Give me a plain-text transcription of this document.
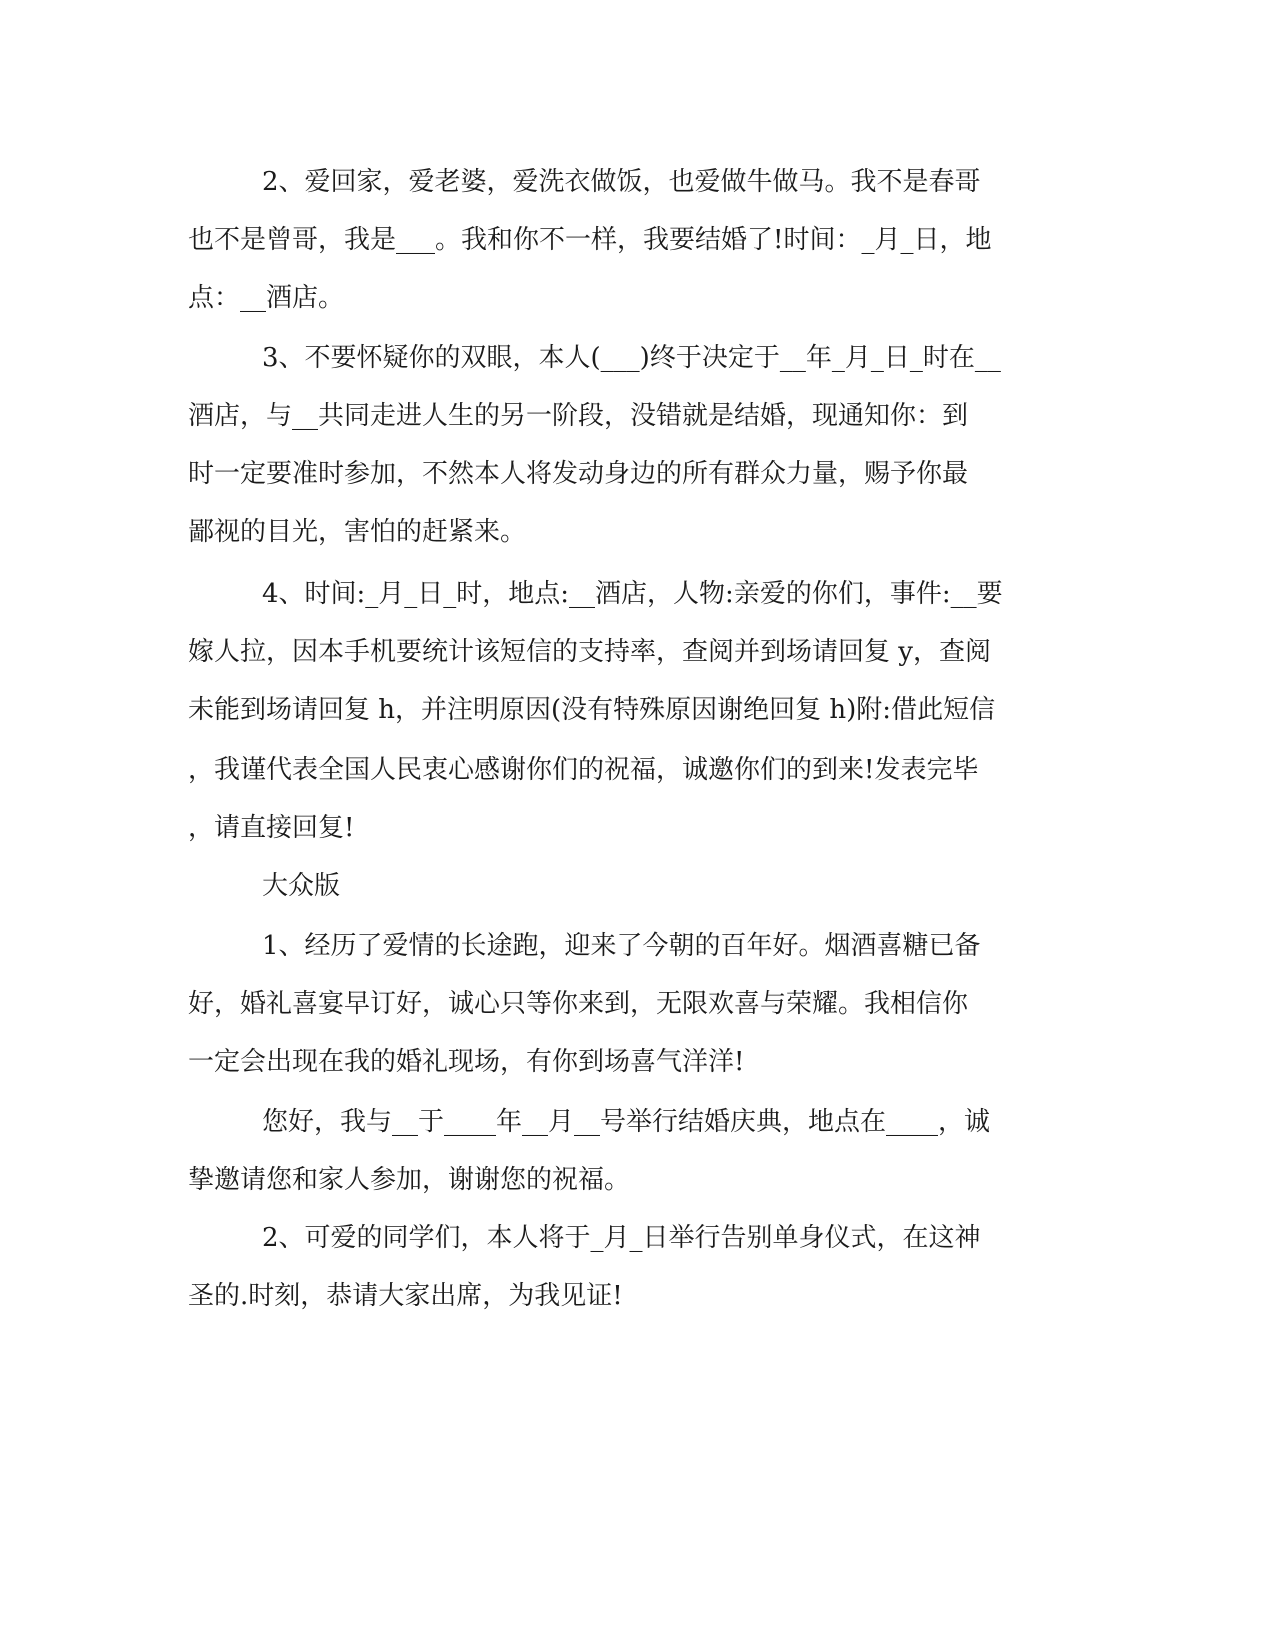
2、爱回家，爱老婆，爱洗衣做饭，也爱做牛做马。我不是春哥
也不是曾哥，我是___。我和你不一样，我要结婚了!时间：_月_日，地
点：__酒店。
3、不要怀疑你的双眼，本人(___)终于决定于__年_月_日_时在__
酒店，与__共同走进人生的另一阶段，没错就是结婚，现通知你：到
时一定要准时参加，不然本人将发动身边的所有群众力量，赐予你最
鄙视的目光，害怕的赶紧来。
4、时间:_月_日_时，地点:__酒店，人物:亲爱的你们，事件:__要
嫁人拉，因本手机要统计该短信的支持率，查阅并到场请回复 y，查阅
未能到场请回复 h，并注明原因(没有特殊原因谢绝回复 h)附:借此短信
，我谨代表全国人民衷心感谢你们的祝福，诚邀你们的到来!发表完毕
，请直接回复!
大众版
1、经历了爱情的长途跑，迎来了今朝的百年好。烟酒喜糖已备
好，婚礼喜宴早订好，诚心只等你来到，无限欢喜与荣耀。我相信你
一定会出现在我的婚礼现场，有你到场喜气洋洋!
您好，我与__于____年__月__号举行结婚庆典，地点在____，诚
挚邀请您和家人参加，谢谢您的祝福。
2、可爱的同学们，本人将于_月_日举行告别单身仪式，在这神
圣的.时刻，恭请大家出席，为我见证!
